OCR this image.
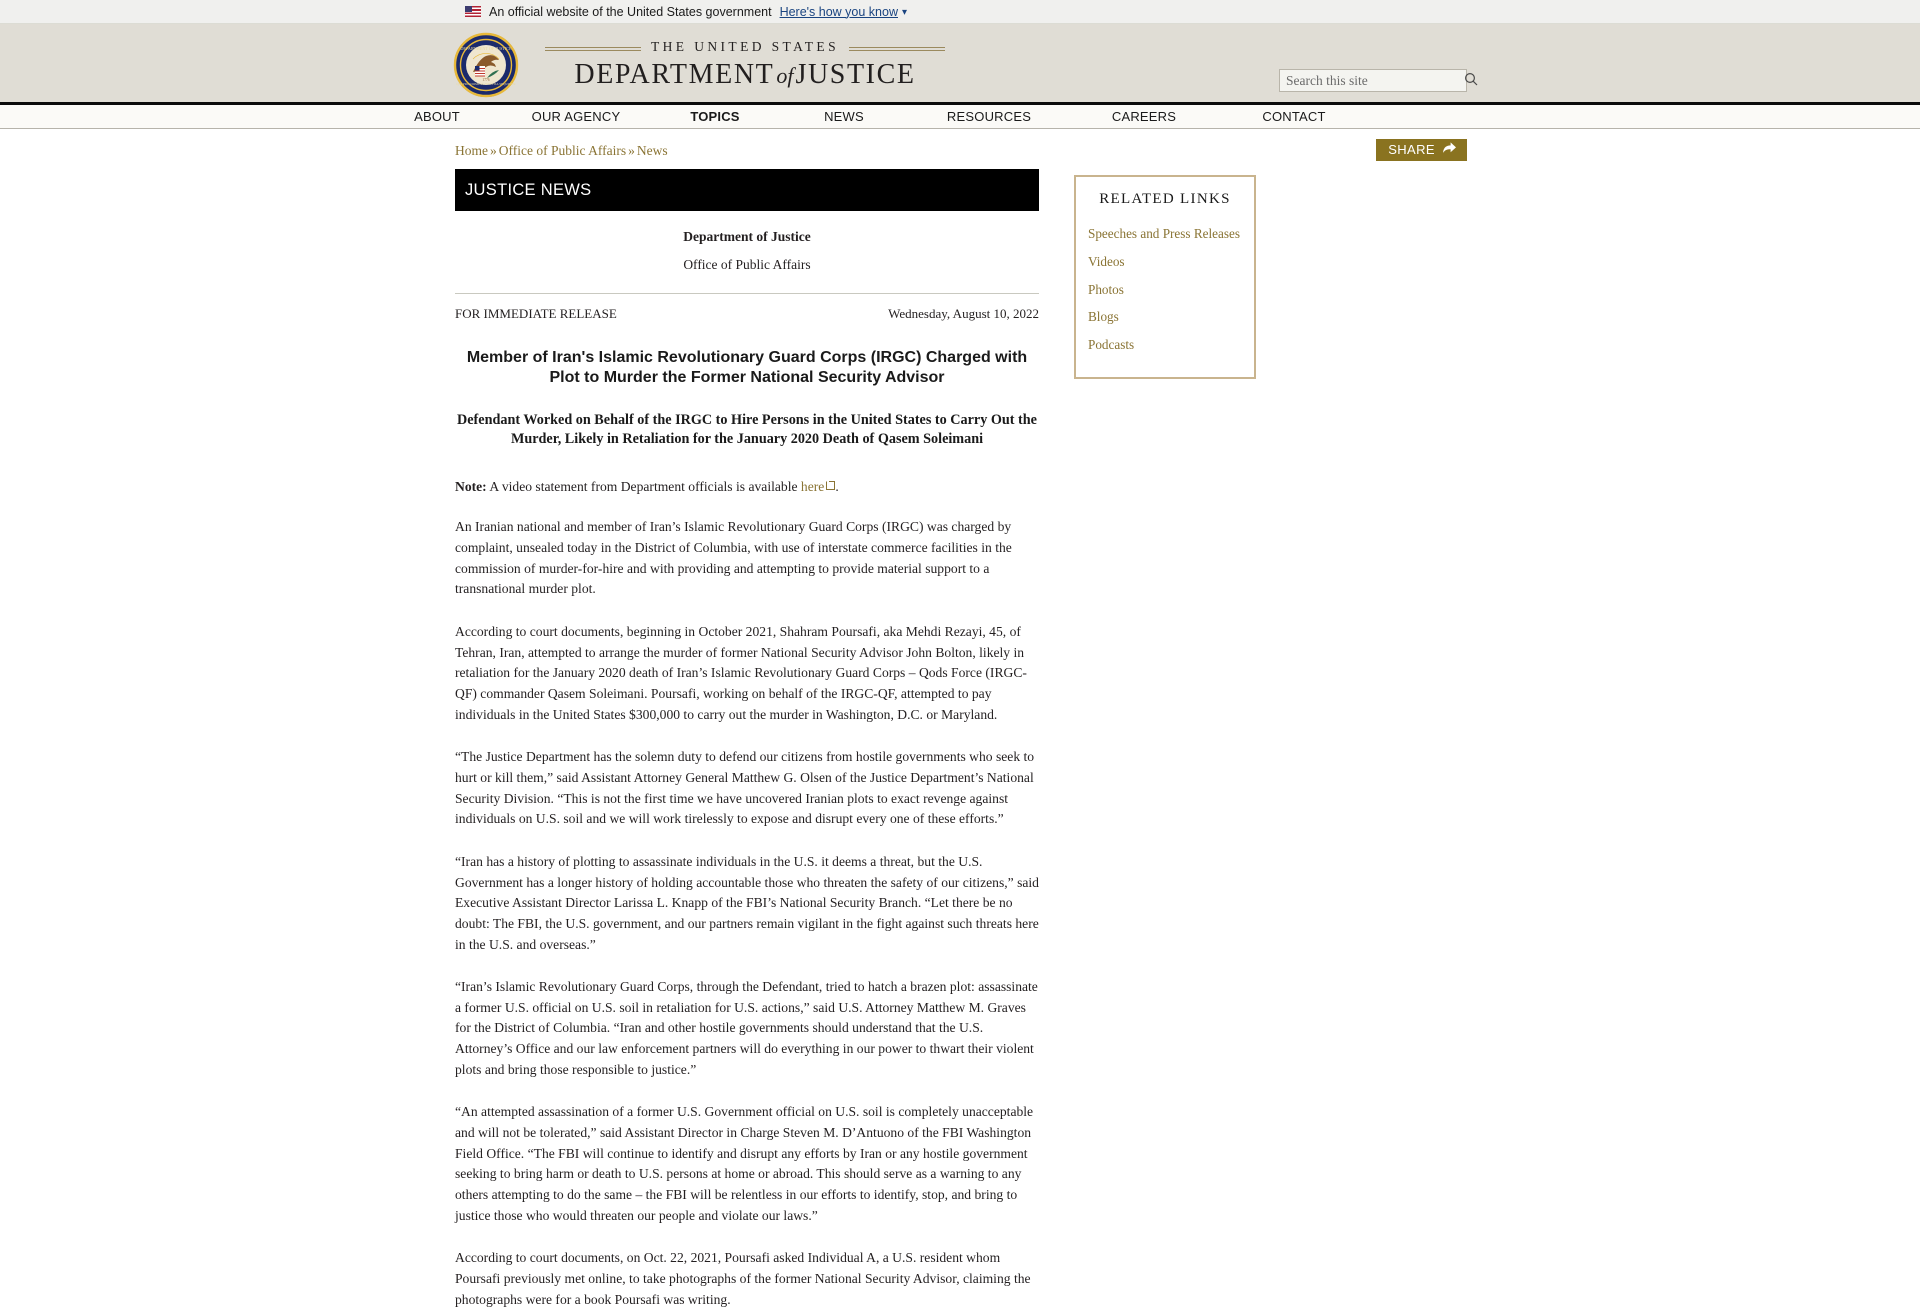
An official website of the United States government Here's how you know ▾
DEPARTMENT OF JUSTICE
QUI PRO DOMINA JUSTITIA SEQUITUR
1776
THE UNITED STATES
DEPARTMENTofJUSTICE
Search this site
ABOUT	OUR AGENCY	TOPICS	NEWS	RESOURCES	CAREERS	CONTACT
Home » Office of Public Affairs » News	SHARE
JUSTICE NEWS
Department of Justice
Office of Public Affairs
FOR IMMEDIATE RELEASE	Wednesday, August 10, 2022
Member of Iran's Islamic Revolutionary Guard Corps (IRGC) Charged with Plot to Murder the Former National Security Advisor
Defendant Worked on Behalf of the IRGC to Hire Persons in the United States to Carry Out the Murder, Likely in Retaliation for the January 2020 Death of Qasem Soleimani

Note: A video statement from Department officials is available here .

An Iranian national and member of Iran’s Islamic Revolutionary Guard Corps (IRGC) was charged by complaint, unsealed today in the District of Columbia, with use of interstate commerce facilities in the commission of murder-for-hire and with providing and attempting to provide material support to a transnational murder plot.

According to court documents, beginning in October 2021, Shahram Poursafi, aka Mehdi Rezayi, 45, of Tehran, Iran, attempted to arrange the murder of former National Security Advisor John Bolton, likely in retaliation for the January 2020 death of Iran’s Islamic Revolutionary Guard Corps – Qods Force (IRGC-QF) commander Qasem Soleimani. Poursafi, working on behalf of the IRGC-QF, attempted to pay individuals in the United States $300,000 to carry out the murder in Washington, D.C. or Maryland.

“The Justice Department has the solemn duty to defend our citizens from hostile governments who seek to hurt or kill them,” said Assistant Attorney General Matthew G. Olsen of the Justice Department’s National Security Division. “This is not the first time we have uncovered Iranian plots to exact revenge against individuals on U.S. soil and we will work tirelessly to expose and disrupt every one of these efforts.”

“Iran has a history of plotting to assassinate individuals in the U.S. it deems a threat, but the U.S. Government has a longer history of holding accountable those who threaten the safety of our citizens,” said Executive Assistant Director Larissa L. Knapp of the FBI’s National Security Branch. “Let there be no doubt: The FBI, the U.S. government, and our partners remain vigilant in the fight against such threats here in the U.S. and overseas.”

“Iran’s Islamic Revolutionary Guard Corps, through the Defendant, tried to hatch a brazen plot: assassinate a former U.S. official on U.S. soil in retaliation for U.S. actions,” said U.S. Attorney Matthew M. Graves for the District of Columbia. “Iran and other hostile governments should understand that the U.S. Attorney’s Office and our law enforcement partners will do everything in our power to thwart their violent plots and bring those responsible to justice.”

“An attempted assassination of a former U.S. Government official on U.S. soil is completely unacceptable and will not be tolerated,” said Assistant Director in Charge Steven M. D’Antuono of the FBI Washington Field Office. “The FBI will continue to identify and disrupt any efforts by Iran or any hostile government seeking to bring harm or death to U.S. persons at home or abroad. This should serve as a warning to any others attempting to do the same – the FBI will be relentless in our efforts to identify, stop, and bring to justice those who would threaten our people and violate our laws.”

According to court documents, on Oct. 22, 2021, Poursafi asked Individual A, a U.S. resident whom Poursafi previously met online, to take photographs of the former National Security Advisor, claiming the photographs were for a book Poursafi was writing.

RELATED LINKS
Speeches and Press Releases
Videos
Photos
Blogs
Podcasts
